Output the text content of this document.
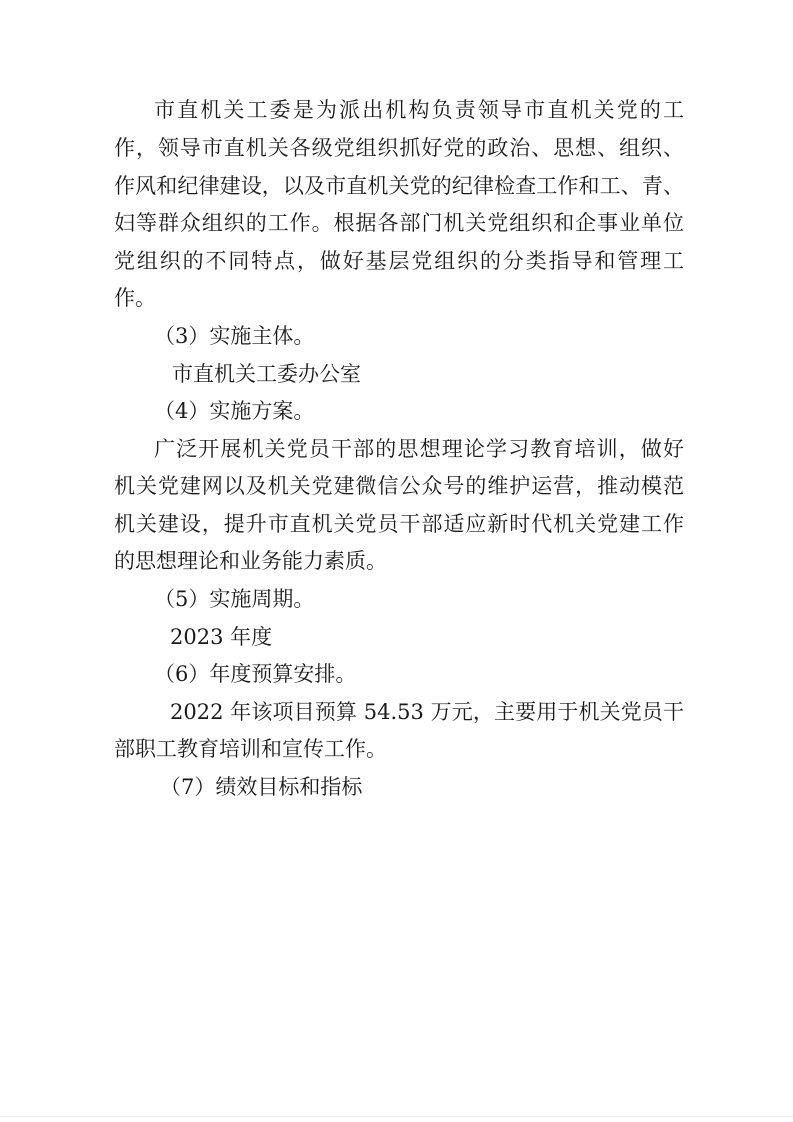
市直机关工委是为派出机构负责领导市直机关党的工
作，领导市直机关各级党组织抓好党的政治、思想、组织、
作风和纪律建设，以及市直机关党的纪律检查工作和工、青、
妇等群众组织的工作。根据各部门机关党组织和企事业单位
党组织的不同特点，做好基层党组织的分类指导和管理工
作。
（3）实施主体。
市直机关工委办公室
（4）实施方案。
广泛开展机关党员干部的思想理论学习教育培训，做好
机关党建网以及机关党建微信公众号的维护运营，推动模范
机关建设，提升市直机关党员干部适应新时代机关党建工作
的思想理论和业务能力素质。
（5）实施周期。
2023 年度
（6）年度预算安排。
2022 年该项目预算 54.53 万元，主要用于机关党员干
部职工教育培训和宣传工作。
（7）绩效目标和指标
